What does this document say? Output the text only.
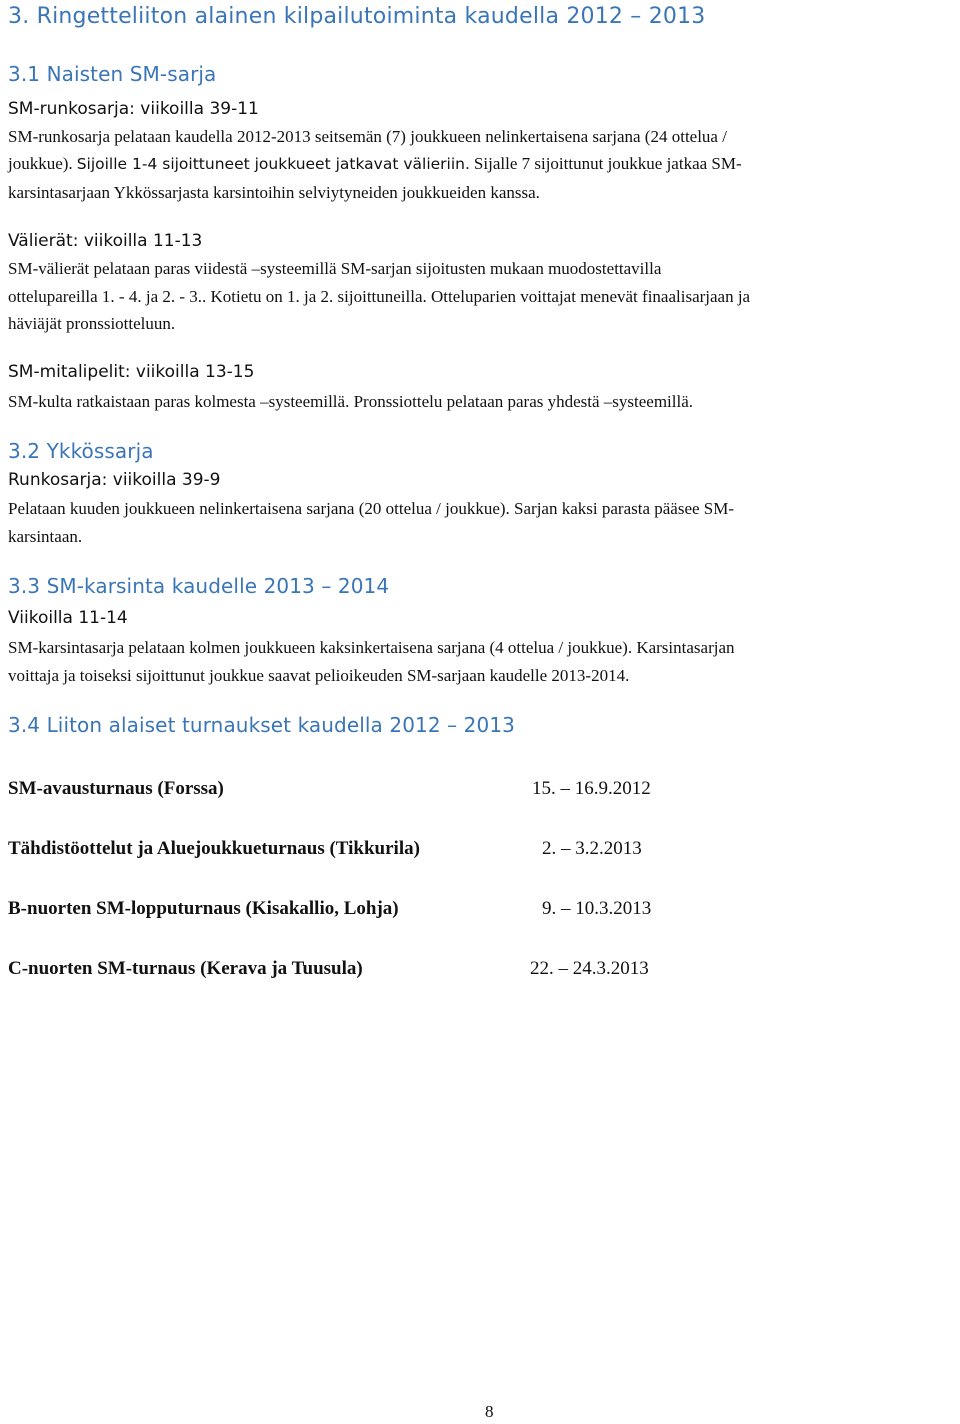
3. Ringetteliiton alainen kilpailutoiminta kaudella 2012 – 2013
3.1 Naisten SM-sarja
SM-runkosarja: viikoilla 39-11
SM-runkosarja pelataan kaudella 2012-2013 seitsemän (7) joukkueen nelinkertaisena sarjana (24 ottelua /
joukkue). Sijoille 1-4 sijoittuneet joukkueet jatkavat välieriin. Sijalle 7 sijoittunut joukkue jatkaa SM-
karsintasarjaan Ykkössarjasta karsintoihin selviytyneiden joukkueiden kanssa.
Välierät: viikoilla 11-13
SM-välierät pelataan paras viidestä –systeemillä SM-sarjan sijoitusten mukaan muodostettavilla
ottelupareilla 1. - 4. ja 2. - 3.. Kotietu on 1. ja 2. sijoittuneilla. Otteluparien voittajat menevät finaalisarjaan ja
häviäjät pronssiotteluun.
SM-mitalipelit: viikoilla 13-15
SM-kulta ratkaistaan paras kolmesta –systeemillä. Pronssiottelu pelataan paras yhdestä –systeemillä.
3.2 Ykkössarja
Runkosarja: viikoilla 39-9
Pelataan kuuden joukkueen nelinkertaisena sarjana (20 ottelua / joukkue). Sarjan kaksi parasta pääsee SM-
karsintaan.
3.3 SM-karsinta kaudelle 2013 – 2014
Viikoilla 11-14
SM-karsintasarja pelataan kolmen joukkueen kaksinkertaisena sarjana (4 ottelua / joukkue). Karsintasarjan
voittaja ja toiseksi sijoittunut joukkue saavat pelioikeuden SM-sarjaan kaudelle 2013-2014.
3.4 Liiton alaiset turnaukset kaudella 2012 – 2013
SM-avausturnaus (Forssa)	15. – 16.9.2012
Tähdistöottelut ja Aluejoukkueturnaus (Tikkurila)	2. – 3.2.2013
B-nuorten SM-lopputurnaus (Kisakallio, Lohja)	9. – 10.3.2013
C-nuorten SM-turnaus (Kerava ja Tuusula)	22. – 24.3.2013
8
